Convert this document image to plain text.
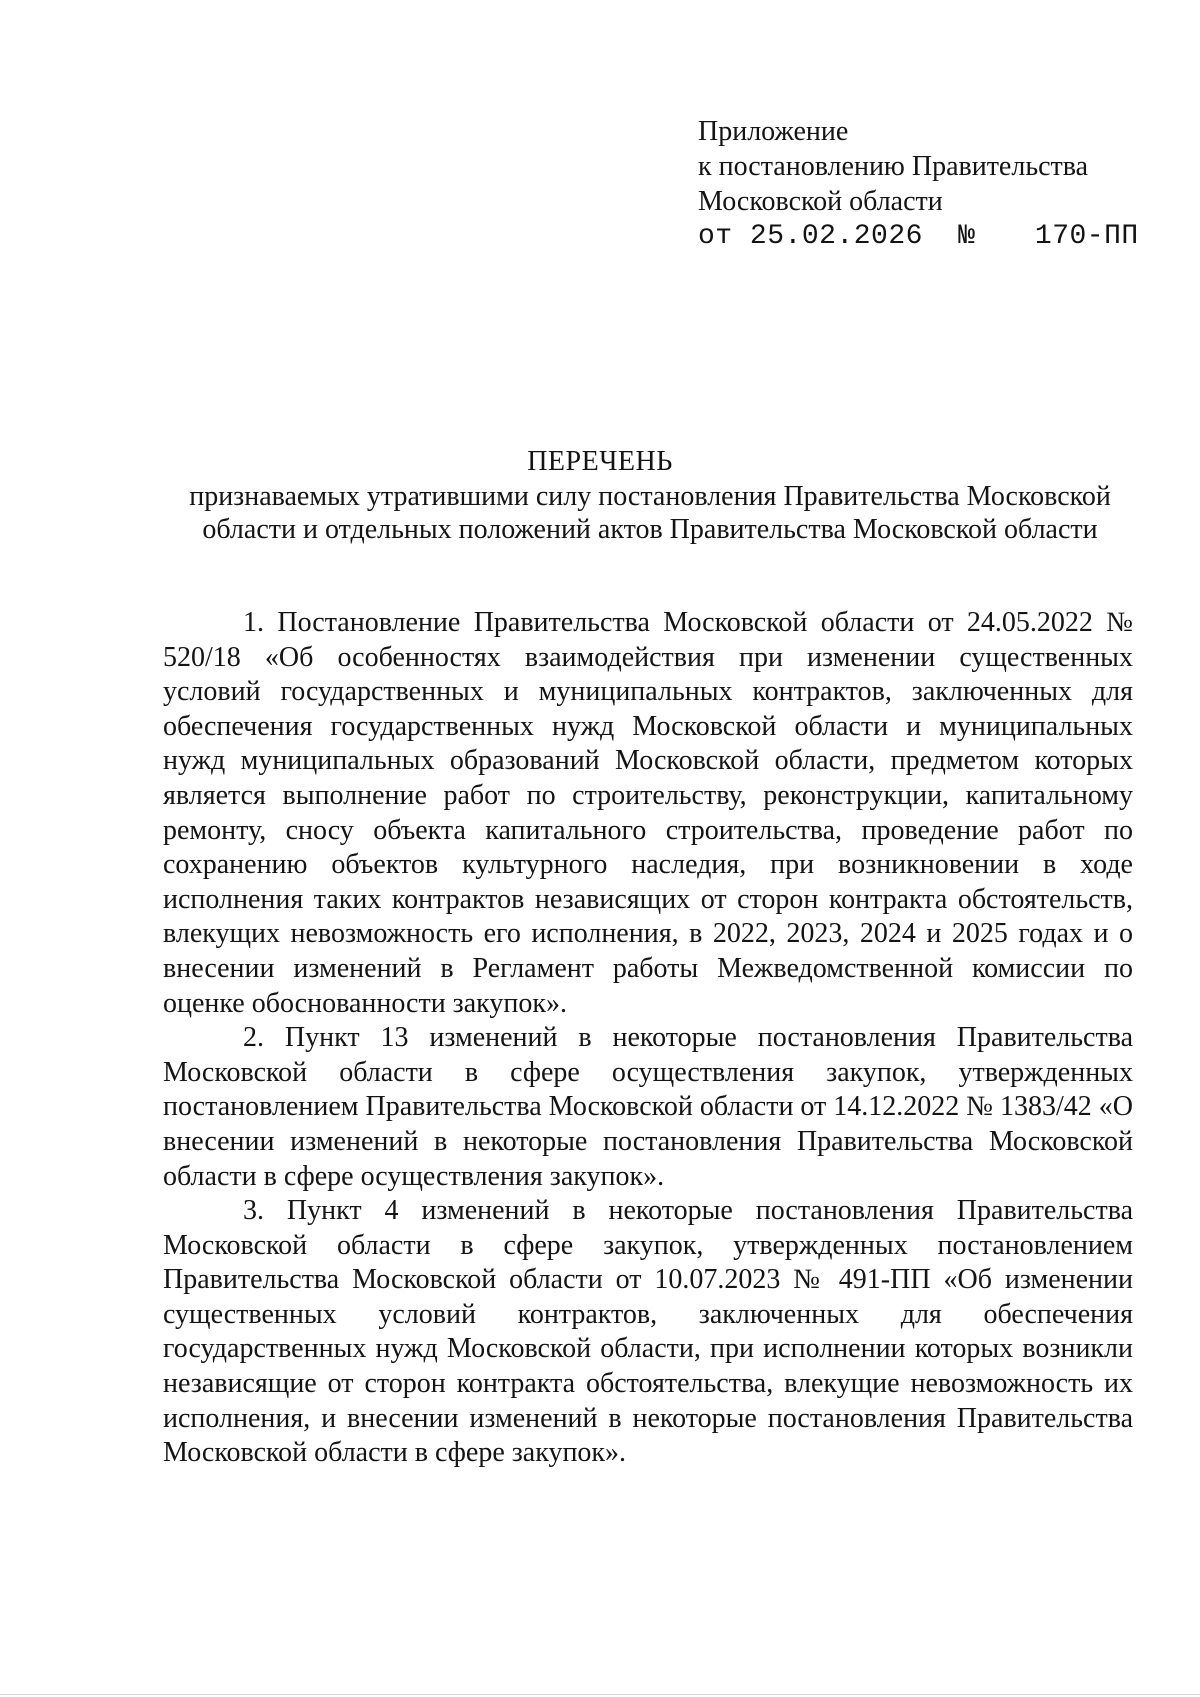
Приложение
к постановлению Правительства
Московской области
от 25.02.2026 № 170-ПП
ПЕРЕЧЕНЬ
признаваемых утратившими силу постановления Правительства Московской области и отдельных положений актов Правительства Московской области

1. Постановление Правительства Московской области от 24.05.2022 № 520/18 «Об особенностях взаимодействия при изменении существенных условий государственных и муниципальных контрактов, заключенных для обеспечения государственных нужд Московской области и муниципальных нужд муниципальных образований Московской области, предметом которых является выполнение работ по строительству, реконструкции, капитальному ремонту, сносу объекта капитального строительства, проведение работ по сохранению объектов культурного наследия, при возникновении в ходе исполнения таких контрактов независящих от сторон контракта обстоятельств, влекущих невозможность его исполнения, в 2022, 2023, 2024 и 2025 годах и о внесении изменений в Регламент работы Межведомственной комиссии по оценке обоснованности закупок».

2. Пункт 13 изменений в некоторые постановления Правительства Московской области в сфере осуществления закупок, утвержденных постановлением Правительства Московской области от 14.12.2022 № 1383/42 «О внесении изменений в некоторые постановления Правительства Московской области в сфере осуществления закупок».

3. Пункт 4 изменений в некоторые постановления Правительства Московской области в сфере закупок, утвержденных постановлением Правительства Московской области от 10.07.2023 № 491-ПП «Об изменении существенных условий контрактов, заключенных для обеспечения государственных нужд Московской области, при исполнении которых возникли независящие от сторон контракта обстоятельства, влекущие невозможность их исполнения, и внесении изменений в некоторые постановления Правительства Московской области в сфере закупок».
